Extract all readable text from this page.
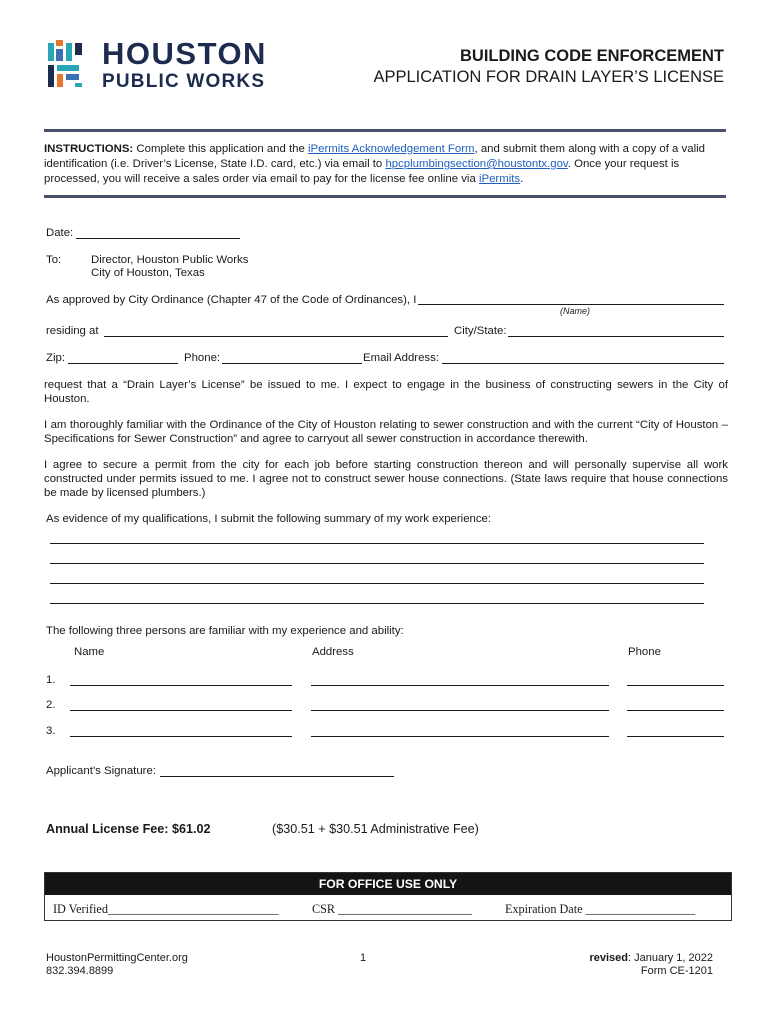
HOUSTON
PUBLIC WORKS
BUILDING CODE ENFORCEMENT
APPLICATION FOR DRAIN LAYER’S LICENSE
INSTRUCTIONS: Complete this application and the iPermits Acknowledgement Form, and submit them along with a copy of a valid identification (i.e. Driver’s License, State I.D. card, etc.) via email to hpcplumbingsection@houstontx.gov. Once your request is processed, you will receive a sales order via email to pay for the license fee online via iPermits.
Date:
To:	Director, Houston Public Works
City of Houston, Texas
As approved by City Ordinance (Chapter 47 of the Code of Ordinances), I
(Name)
residing at	City/State:
Zip:	Phone:	Email Address:
request that a “Drain Layer’s License” be issued to me. I expect to engage in the business of constructing sewers in the City of Houston.
I am thoroughly familiar with the Ordinance of the City of Houston relating to sewer construction and with the current “City of Houston – Specifications for Sewer Construction” and agree to carryout all sewer construction in accordance therewith.
I agree to secure a permit from the city for each job before starting construction thereon and will personally supervise all work constructed under permits issued to me. I agree not to construct sewer house connections. (State laws require that house connections be made by licensed plumbers.)
As evidence of my qualifications, I submit the following summary of my work experience:
The following three persons are familiar with my experience and ability:
Name	Address	Phone
1.
2.
3.
Applicant’s Signature:
Annual License Fee: $61.02	($30.51 + $30.51 Administrative Fee)
FOR OFFICE USE ONLY
ID Verified____________________________	CSR ______________________	Expiration Date __________________
HoustonPermittingCenter.org
832.394.8899
1	revised: January 1, 2022
Form CE-1201
